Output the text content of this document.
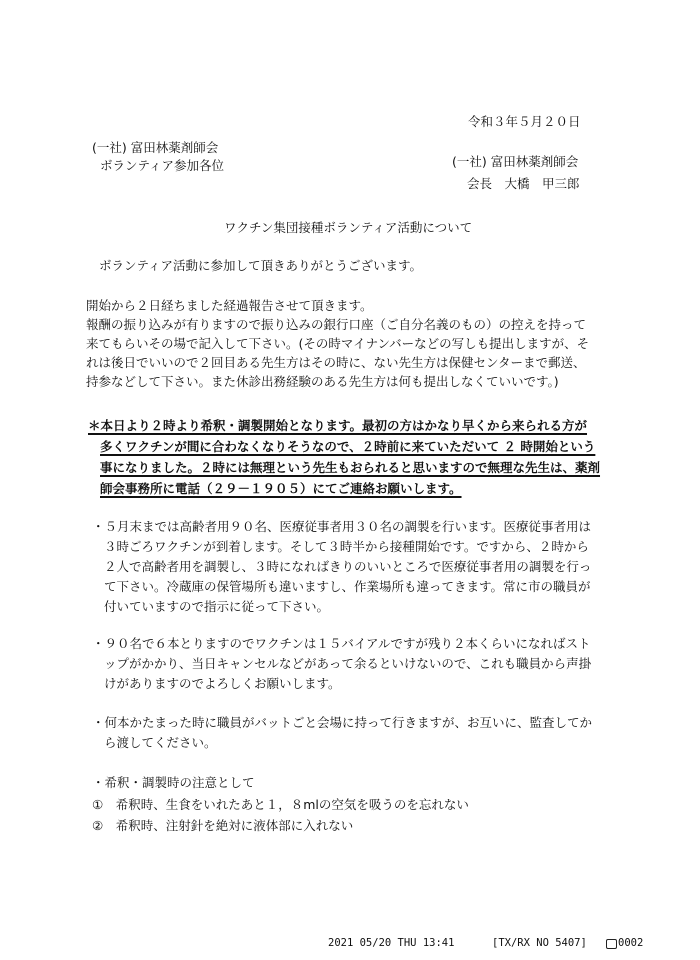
令和３年５月２０日
(一社) 富田林薬剤師会
ボランティア参加各位	(一社) 富田林薬剤師会
会長　大橋　甲三郎
ワクチン集団接種ボランティア活動について
ボランティア活動に参加して頂きありがとうございます。
開始から２日経ちました経過報告させて頂きます。
報酬の振り込みが有りますので振り込みの銀行口座（ご自分名義のもの）の控えを持って
来てもらいその場で記入して下さい。(その時マイナンバーなどの写しも提出しますが、そ
れは後日でいいので２回目ある先生方はその時に、ない先生方は保健センターまで郵送、
持参などして下さい。また休診出務経験のある先生方は何も提出しなくていいです。)
＊本日より２時より希釈・調製開始となります。最初の方はかなり早くから来られる方が
多くワクチンが間に合わなくなりそうなので、２時前に来ていただいて ２ 時開始という
事になりました。２時には無理という先生もおられると思いますので無理な先生は、薬剤
師会事務所に電話（２９－１９０５）にてご連絡お願いします。
・５月末までは高齢者用９０名、医療従事者用３０名の調製を行います。医療従事者用は
３時ごろワクチンが到着します。そして３時半から接種開始です。ですから、２時から
２人で高齢者用を調製し、３時になればきりのいいところで医療従事者用の調製を行っ
て下さい。冷蔵庫の保管場所も違いますし、作業場所も違ってきます。常に市の職員が
付いていますので指示に従って下さい。
・９０名で６本とりますのでワクチンは１５バイアルですが残り２本くらいになればスト
ップがかかり、当日キャンセルなどがあって余るといけないので、これも職員から声掛
けがありますのでよろしくお願いします。
・何本かたまった時に職員がバットごと会場に持って行きますが、お互いに、監査してか
ら渡してください。
・希釈・調製時の注意として
①　希釈時、生食をいれたあと１，８mlの空気を吸うのを忘れない
②　希釈時、注射針を絶対に液体部に入れない
2021 05/20 THU 13:41	[TX/RX NO 5407]	0002
